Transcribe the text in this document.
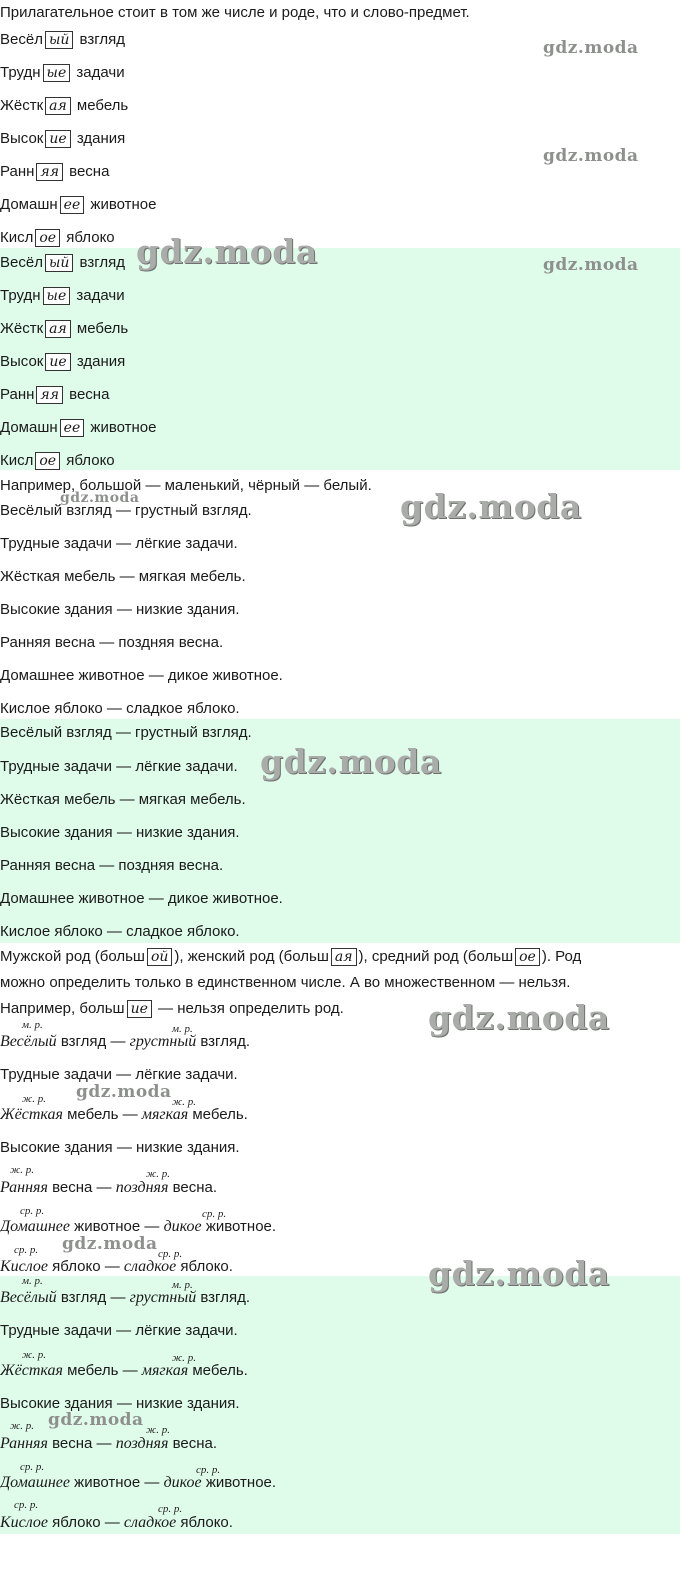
Прилагательное стоит в том же числе и роде, что и слово-предмет.
Весёл ый взгляд
Трудн ые задачи
Жёстк ая мебель
Высок ие здания
Ранн яя весна
Домашн ее животное
Кисл ое яблоко
Весёл ый взгляд
Трудн ые задачи
Жёстк ая мебель
Высок ие здания
Ранн яя весна
Домашн ее животное
Кисл ое яблоко
Например, большой — маленький, чёрный — белый.
Весёлый взгляд — грустный взгляд.
Трудные задачи — лёгкие задачи.
Жёсткая мебель — мягкая мебель.
Высокие здания — низкие здания.
Ранняя весна — поздняя весна.
Домашнее животное — дикое животное.
Кислое яблоко — сладкое яблоко.
Весёлый взгляд — грустный взгляд.
Трудные задачи — лёгкие задачи.
Жёсткая мебель — мягкая мебель.
Высокие здания — низкие здания.
Ранняя весна — поздняя весна.
Домашнее животное — дикое животное.
Кислое яблоко — сладкое яблоко.
Мужской род (больш ой ), женский род (больш ая ), средний род (больш ое ). Род
можно определить только в единственном числе. А во множественном — нельзя.
Например, больш ие — нельзя определить род.
м. р.	м. р.
Весёлый взгляд — грустный взгляд.
Трудные задачи — лёгкие задачи.
ж. р.	ж. р.
Жёсткая мебель — мягкая мебель.
Высокие здания — низкие здания.
ж. р.	ж. р.
Ранняя весна — поздняя весна.
ср. р.	ср. р.
Домашнее животное — дикое животное.
ср. р.	ср. р.
Кислое яблоко — сладкое яблоко.
м. р.	м. р.
Весёлый взгляд — грустный взгляд.
Трудные задачи — лёгкие задачи.
ж. р.	ж. р.
Жёсткая мебель — мягкая мебель.
Высокие здания — низкие здания.
ж. р.	ж. р.
Ранняя весна — поздняя весна.
ср. р.	ср. р.
Домашнее животное — дикое животное.
ср. р.	ср. р.
Кислое яблоко — сладкое яблоко.
gdz.moda
gdz.moda
gdz.moda	gdz.moda
gdz.moda	gdz.moda
gdz.moda
gdz.moda
gdz.moda
gdz.moda
gdz.moda
gdz.moda
